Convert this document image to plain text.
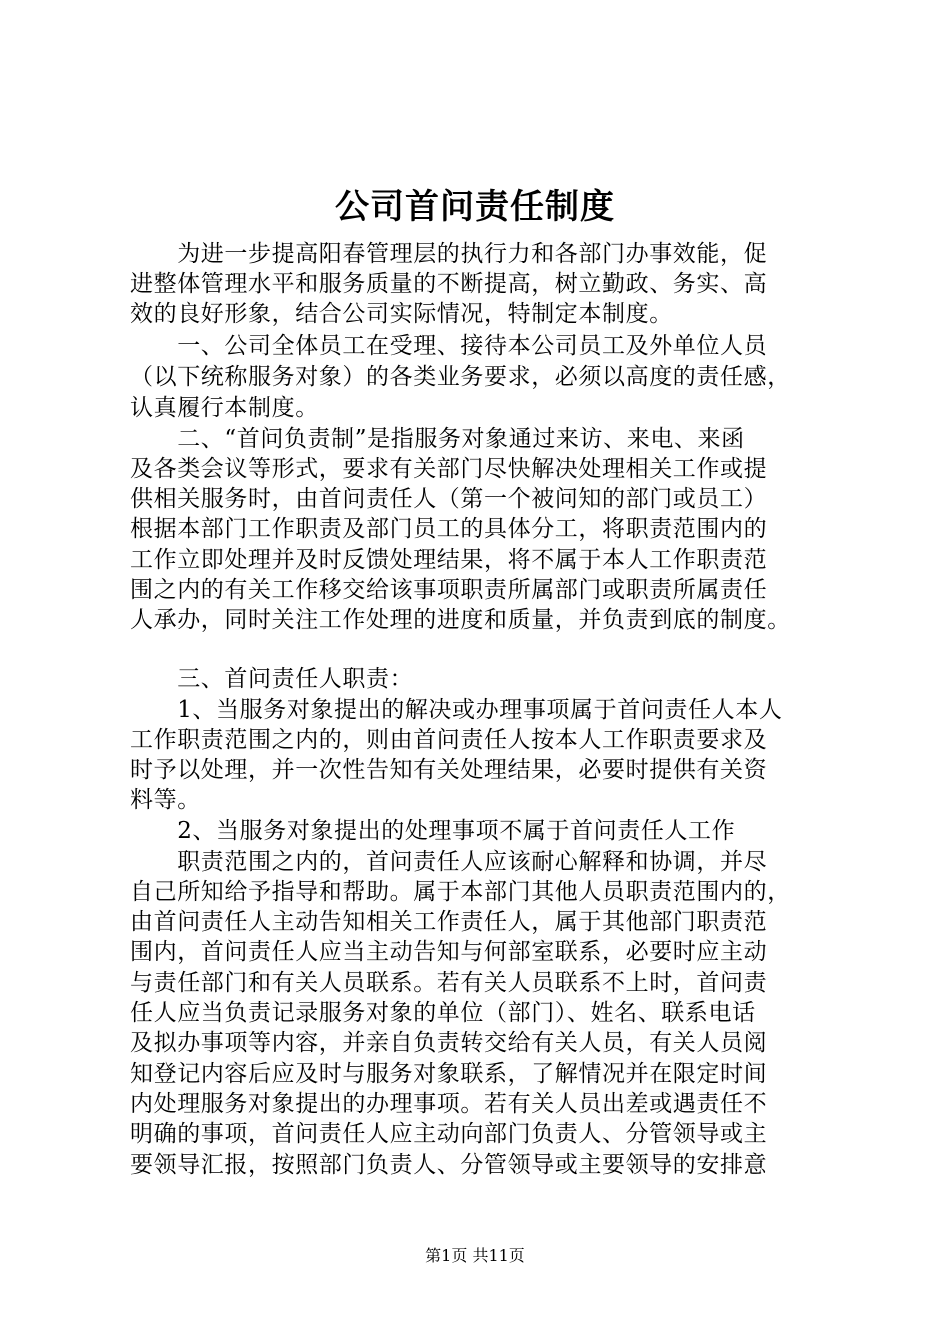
公司首问责任制度
　　为进一步提高阳春管理层的执行力和各部门办事效能，促
进整体管理水平和服务质量的不断提高，树立勤政、务实、高
效的良好形象，结合公司实际情况，特制定本制度。
　　一、公司全体员工在受理、接待本公司员工及外单位人员
（以下统称服务对象）的各类业务要求，必须以高度的责任感，
认真履行本制度。
　　二、“首问负责制”是指服务对象通过来访、来电、来函
及各类会议等形式，要求有关部门尽快解决处理相关工作或提
供相关服务时，由首问责任人（第一个被问知的部门或员工）
根据本部门工作职责及部门员工的具体分工，将职责范围内的
工作立即处理并及时反馈处理结果，将不属于本人工作职责范
围之内的有关工作移交给该事项职责所属部门或职责所属责任
人承办，同时关注工作处理的进度和质量，并负责到底的制度。
　　三、首问责任人职责：
　　1、当服务对象提出的解决或办理事项属于首问责任人本人
工作职责范围之内的，则由首问责任人按本人工作职责要求及
时予以处理，并一次性告知有关处理结果，必要时提供有关资
料等。
　　2、当服务对象提出的处理事项不属于首问责任人工作
　　职责范围之内的，首问责任人应该耐心解释和协调，并尽
自己所知给予指导和帮助。属于本部门其他人员职责范围内的，
由首问责任人主动告知相关工作责任人，属于其他部门职责范
围内，首问责任人应当主动告知与何部室联系，必要时应主动
与责任部门和有关人员联系。若有关人员联系不上时，首问责
任人应当负责记录服务对象的单位（部门）、姓名、联系电话
及拟办事项等内容，并亲自负责转交给有关人员，有关人员阅
知登记内容后应及时与服务对象联系，了解情况并在限定时间
内处理服务对象提出的办理事项。若有关人员出差或遇责任不
明确的事项，首问责任人应主动向部门负责人、分管领导或主
要领导汇报，按照部门负责人、分管领导或主要领导的安排意
第1页 共11页
